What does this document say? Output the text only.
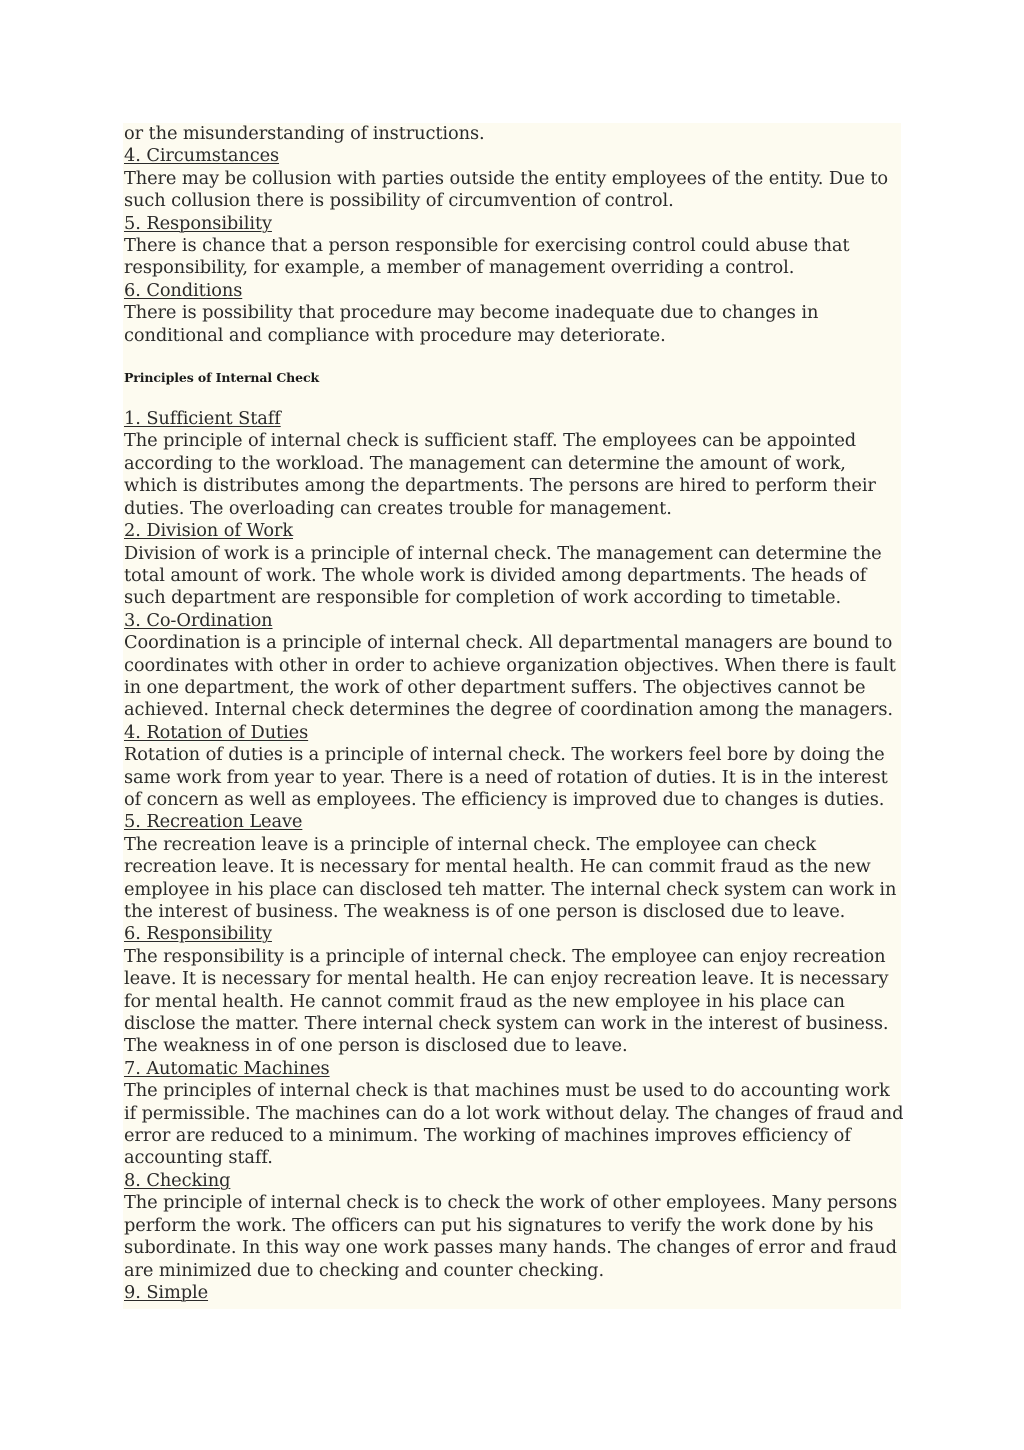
or the misunderstanding of instructions.

4. Circumstances

There may be collusion with parties outside the entity employees of the entity. Due to such collusion there is possibility of circumvention of control.

5. Responsibility

There is chance that a person responsible for exercising control could abuse that responsibility, for example, a member of management overriding a control.

6. Conditions

There is possibility that procedure may become inadequate due to changes in conditional and compliance with procedure may deteriorate.

Principles of Internal Check

1. Sufficient Staff

The principle of internal check is sufficient staff. The employees can be appointed according to the workload. The management can determine the amount of work, which is distributes among the departments. The persons are hired to perform their duties. The overloading can creates trouble for management.

2. Division of Work

Division of work is a principle of internal check. The management can determine the total amount of work. The whole work is divided among departments. The heads of such department are responsible for completion of work according to timetable.

3. Co-Ordination

Coordination is a principle of internal check. All departmental managers are bound to coordinates with other in order to achieve organization objectives. When there is fault in one department, the work of other department suffers. The objectives cannot be achieved. Internal check determines the degree of coordination among the managers.

4. Rotation of Duties

Rotation of duties is a principle of internal check. The workers feel bore by doing the same work from year to year. There is a need of rotation of duties. It is in the interest of concern as well as employees. The efficiency is improved due to changes is duties.

5. Recreation Leave

The recreation leave is a principle of internal check. The employee can check recreation leave. It is necessary for mental health. He can commit fraud as the new employee in his place can disclosed teh matter. The internal check system can work in the interest of business. The weakness is of one person is disclosed due to leave.

6. Responsibility

The responsibility is a principle of internal check. The employee can enjoy recreation leave. It is necessary for mental health. He can enjoy recreation leave. It is necessary for mental health. He cannot commit fraud as the new employee in his place can disclose the matter. There internal check system can work in the interest of business. The weakness in of one person is disclosed due to leave.

7. Automatic Machines

The principles of internal check is that machines must be used to do accounting work if permissible. The machines can do a lot work without delay. The changes of fraud and error are reduced to a minimum. The working of machines improves efficiency of accounting staff.

8. Checking

The principle of internal check is to check the work of other employees. Many persons perform the work. The officers can put his signatures to verify the work done by his subordinate. In this way one work passes many hands. The changes of error and fraud are minimized due to checking and counter checking.

9. Simple
